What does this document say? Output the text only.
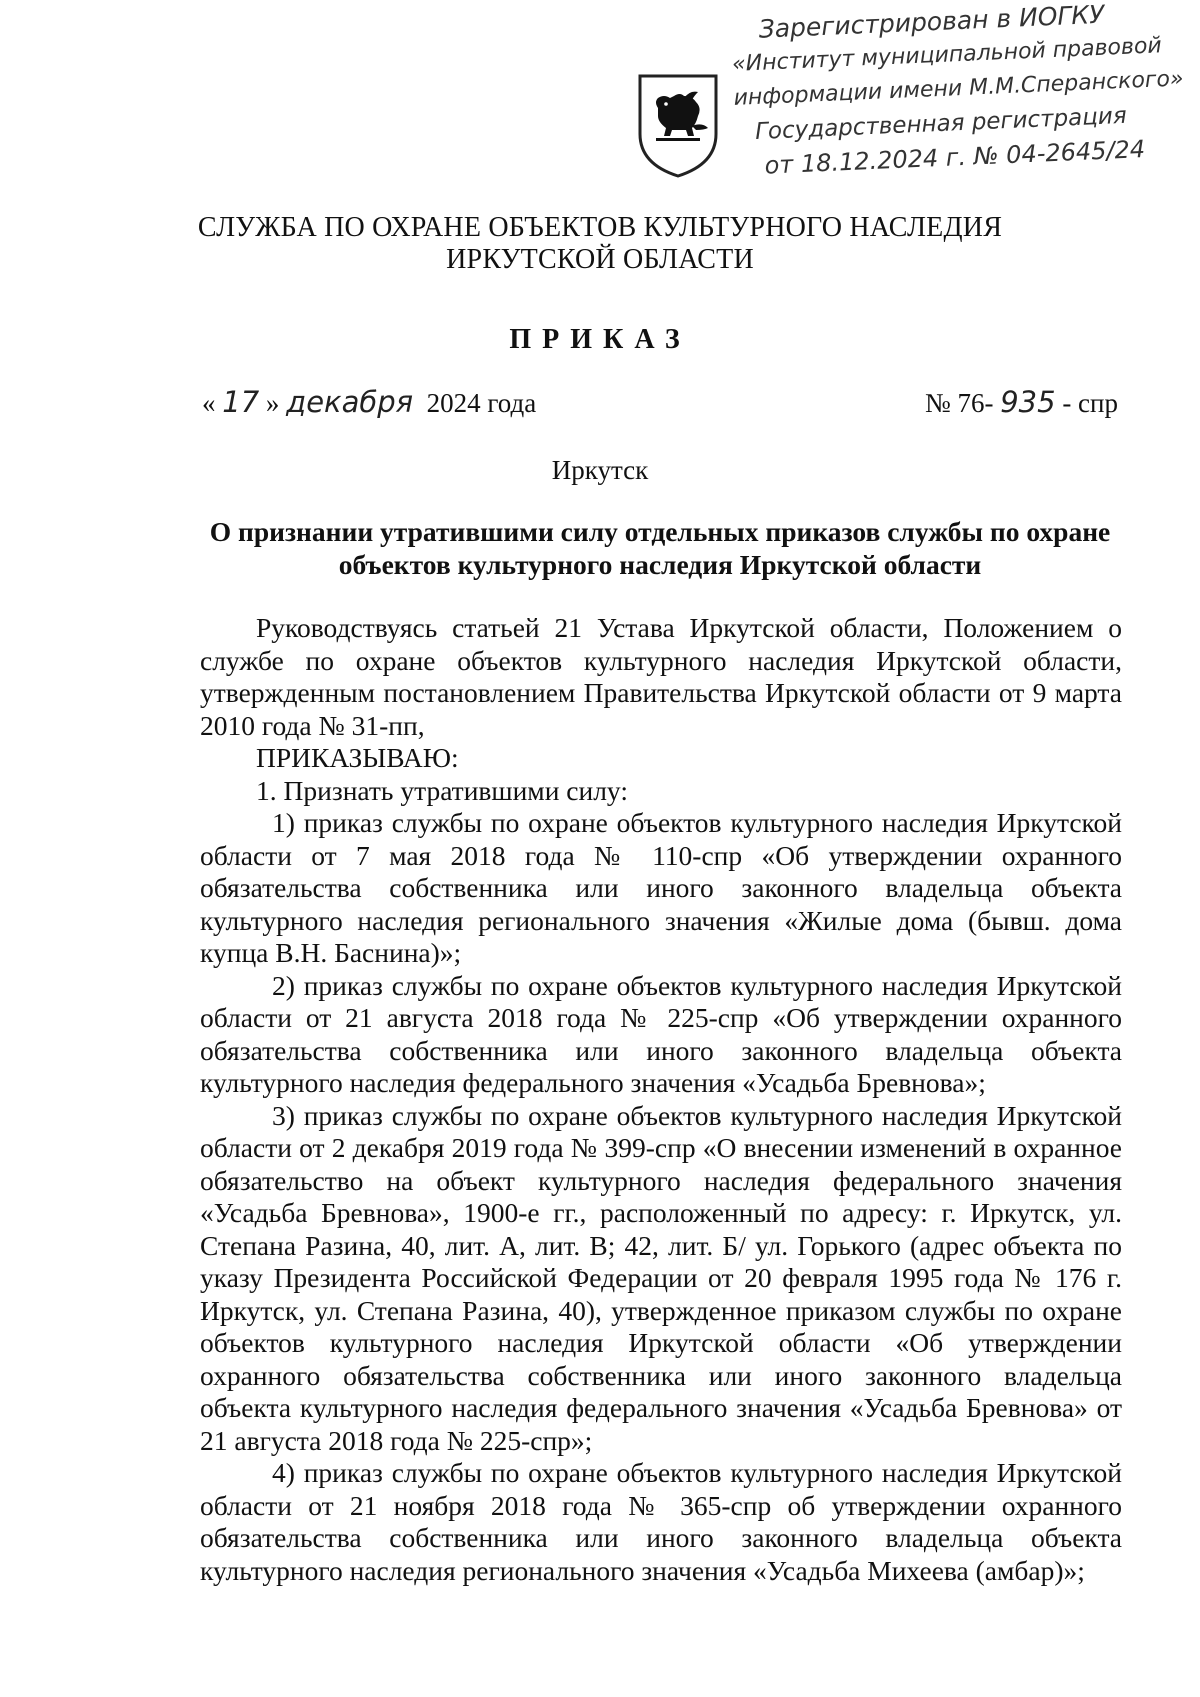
Зарегистрирован в ИОГКУ
«Институт муниципальной правовой
информации имени М.М.Сперанского»
Государственная регистрация
от 18.12.2024 г. № 04-2645/24
СЛУЖБА ПО ОХРАНЕ ОБЪЕКТОВ КУЛЬТУРНОГО НАСЛЕДИЯ
ИРКУТСКОЙ ОБЛАСТИ
ПРИКАЗ
« 17 » декабря 2024 года	№ 76- 935 - спр
Иркутск
О признании утратившими силу отдельных приказов службы по охране
объектов культурного наследия Иркутской области

Руководствуясь статьей 21 Устава Иркутской области, Положением о службе по охране объектов культурного наследия Иркутской области, утвержденным постановлением Правительства Иркутской области от 9 марта 2010 года № 31-пп,

ПРИКАЗЫВАЮ:

1. Признать утратившими силу:

1) приказ службы по охране объектов культурного наследия Иркутской области от 7 мая 2018 года № 110-спр «Об утверждении охранного обязательства собственника или иного законного владельца объекта культурного наследия регионального значения «Жилые дома (бывш. дома купца В.Н. Баснина)»;

2) приказ службы по охране объектов культурного наследия Иркутской области от 21 августа 2018 года № 225-спр «Об утверждении охранного обязательства собственника или иного законного владельца объекта культурного наследия федерального значения «Усадьба Бревнова»;

3) приказ службы по охране объектов культурного наследия Иркутской области от 2 декабря 2019 года № 399-спр «О внесении изменений в охранное обязательство на объект культурного наследия федерального значения «Усадьба Бревнова», 1900-е гг., расположенный по адресу: г. Иркутск, ул. Степана Разина, 40, лит. А, лит. В; 42, лит. Б/ ул. Горького (адрес объекта по указу Президента Российской Федерации от 20 февраля 1995 года № 176 г. Иркутск, ул. Степана Разина, 40), утвержденное приказом службы по охране объектов культурного наследия Иркутской области «Об утверждении охранного обязательства собственника или иного законного владельца объекта культурного наследия федерального значения «Усадьба Бревнова» от 21 августа 2018 года № 225-спр»;

4) приказ службы по охране объектов культурного наследия Иркутской области от 21 ноября 2018 года № 365-спр об утверждении охранного обязательства собственника или иного законного владельца объекта культурного наследия регионального значения «Усадьба Михеева (амбар)»;
